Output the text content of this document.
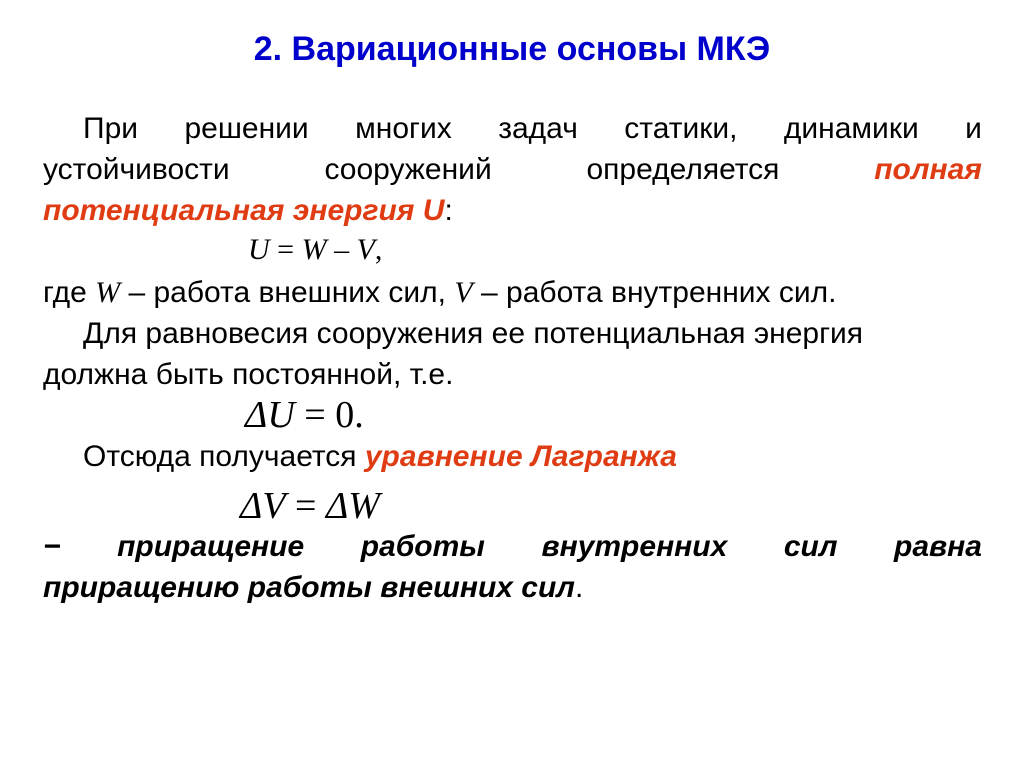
2. Вариационные основы МКЭ
При решении многих задач статики, динамики и
устойчивости	сооружений	определяется	полная
потенциальная энергия U:
U = W – V,
где W – работа внешних сил, V – работа внутренних сил.
Для равновесия сооружения ее потенциальная энергия
должна быть постоянной, т.е.
ΔU = 0.
Отсюда получается уравнение Лагранжа
ΔV = ΔW
− приращение работы внутренних сил равна
приращению работы внешних сил.
